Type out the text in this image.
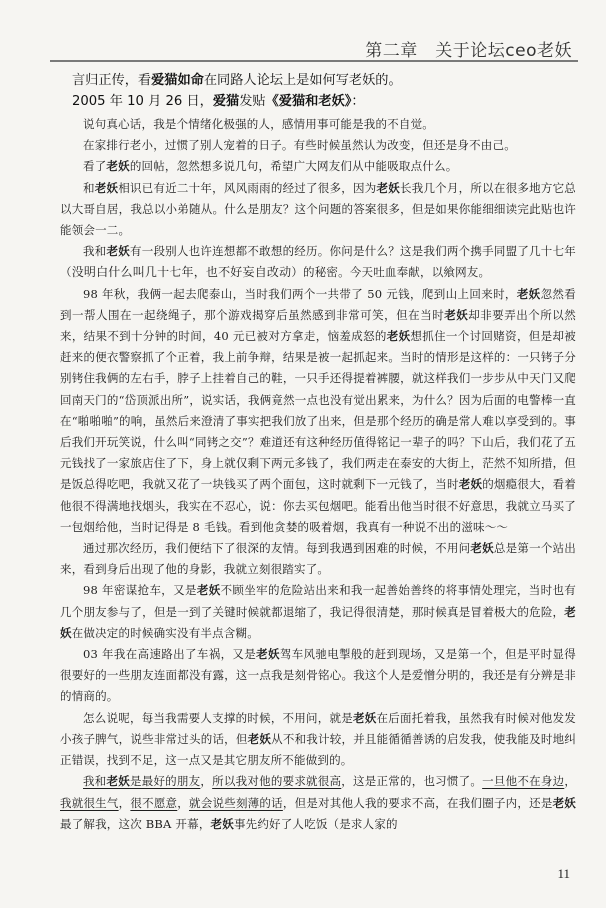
第二章　关于论坛ceo老妖

言归正传，看爱猫如命在同路人论坛上是如何写老妖的。

2005 年 10 月 26 日，爱猫发贴《爱猫和老妖》：

说句真心话，我是个情绪化极强的人，感情用事可能是我的不自觉。

在家排行老小，过惯了别人宠着的日子。有些时候虽然认为改变，但还是身不由己。

看了老妖的回帖，忽然想多说几句，希望广大网友们从中能吸取点什么。

和老妖相识已有近二十年，风风雨雨的经过了很多，因为老妖长我几个月，所以在很多地方它总以大哥自居，我总以小弟随从。什么是朋友？这个问题的答案很多，但是如果你能细细读完此贴也许能领会一二。

我和老妖有一段别人也许连想都不敢想的经历。你问是什么？这是我们两个携手同盟了几十七年（没明白什么叫几十七年，也不好妄自改动）的秘密。今天吐血奉献，以飨网友。

98 年秋，我俩一起去爬泰山，当时我们两个一共带了 50 元钱，爬到山上回来时，老妖忽然看到一帮人围在一起绕绳子，那个游戏揭穿后虽然感到非常可笑，但在当时老妖却非要弄出个所以然来，结果不到十分钟的时间，40 元已被对方拿走，恼羞成怒的老妖想抓住一个讨回赌资，但是却被赶来的便衣警察抓了个正着，我上前争辩，结果是被一起抓起来。当时的情形是这样的：一只铐子分别铐住我俩的左右手，脖子上挂着自己的鞋，一只手还得提着裤腰，就这样我们一步步从中天门又爬回南天门的“岱顶派出所”，说实话，我俩竟然一点也没有觉出累来，为什么？因为后面的电警棒一直在“啪啪啪”的响，虽然后来澄清了事实把我们放了出来，但是那个经历的确是常人难以享受到的。事后我们开玩笑说，什么叫“同铐之交”？难道还有这种经历值得铭记一辈子的吗？下山后，我们花了五元钱找了一家旅店住了下，身上就仅剩下两元多钱了，我们两走在泰安的大街上，茫然不知所措，但是饭总得吃吧，我就又花了一块钱买了两个面包，这时就剩下一元钱了，当时老妖的烟瘾很大，看着他很不得满地找烟头，我实在不忍心，说：你去买包烟吧。能看出他当时很不好意思，我就立马买了一包烟给他，当时记得是 8 毛钱。看到他贪婪的吸着烟，我真有一种说不出的滋味～～

通过那次经历，我们便结下了很深的友情。每到我遇到困难的时候，不用问老妖总是第一个站出来，看到身后出现了他的身影，我就立刻很踏实了。

98 年密谋抢车，又是老妖不顾坐牢的危险站出来和我一起善始善终的将事情处理完，当时也有几个朋友参与了，但是一到了关键时候就都退缩了，我记得很清楚，那时候真是冒着极大的危险，老妖在做决定的时候确实没有半点含糊。

03 年我在高速路出了车祸，又是老妖驾车风驰电掣般的赶到现场，又是第一个，但是平时显得很要好的一些朋友连面都没有露，这一点我是刻骨铭心。我这个人是爱憎分明的，我还是有分辨是非的情商的。

怎么说呢，每当我需要人支撑的时候，不用问，就是老妖在后面托着我，虽然我有时候对他发发小孩子脾气，说些非常过头的话，但老妖从不和我计较，并且能循循善诱的启发我，使我能及时地纠正错误，找到不足，这一点又是其它朋友所不能做到的。

我和老妖是最好的朋友，所以我对他的要求就很高，这是正常的，也习惯了。一旦他不在身边，我就很生气，很不愿意，就会说些刻薄的话，但是对其他人我的要求不高，在我们圈子内，还是老妖最了解我，这次 BBA 开幕，老妖事先约好了人吃饭（是求人家的

11
